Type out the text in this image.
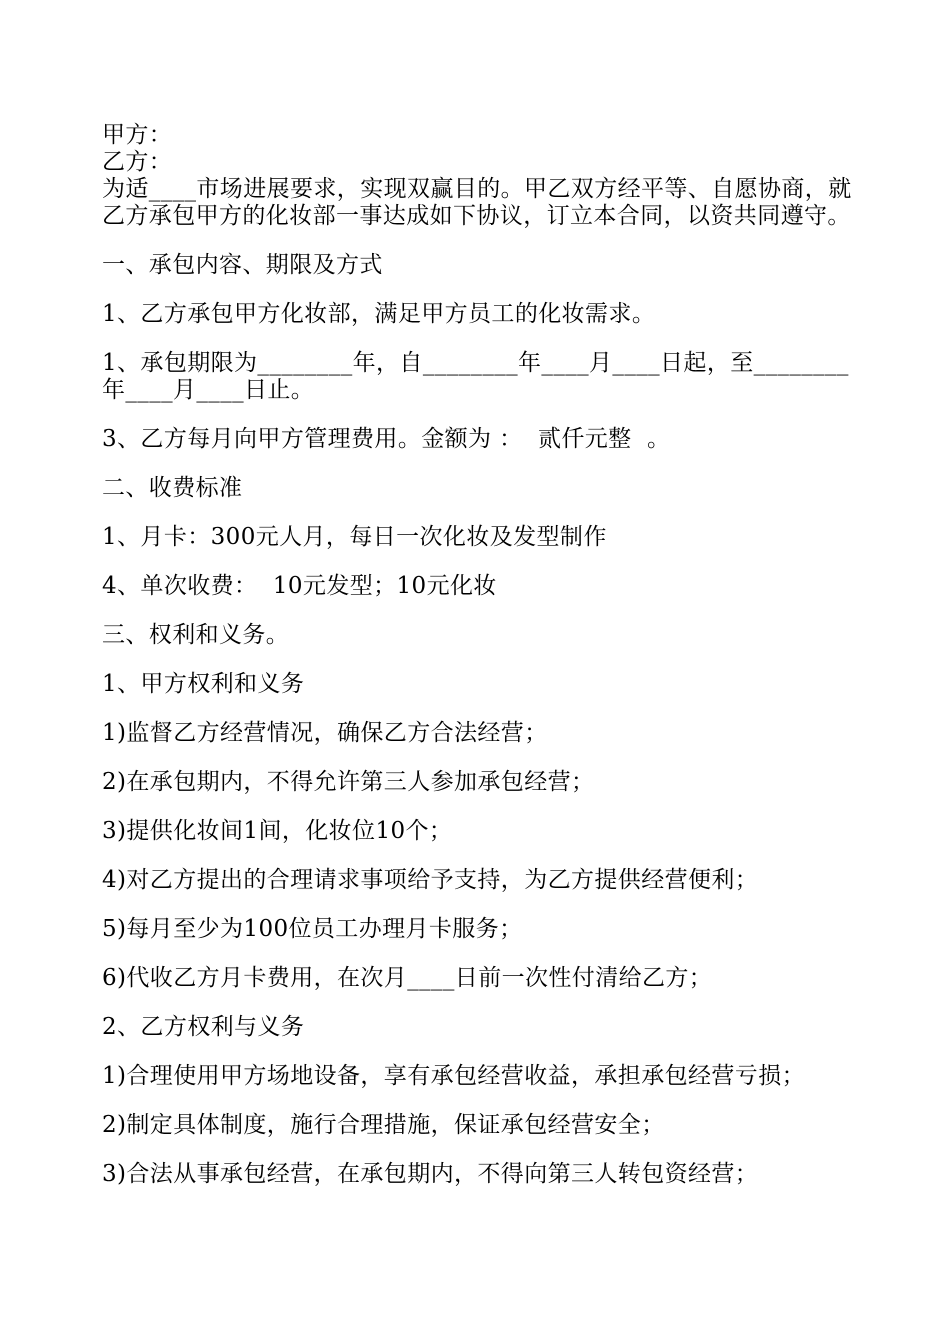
甲方：
乙方：
为适____市场进展要求，实现双赢目的。甲乙双方经平等、自愿协商，就乙方承包甲方的化妆部一事达成如下协议，订立本合同，以资共同遵守。
一、承包内容、期限及方式
1、乙方承包甲方化妆部，满足甲方员工的化妆需求。
1、承包期限为________年，自________年____月____日起，至________年____月____日止。
3、乙方每月向甲方管理费用。金额为 ：  贰仟元整  。
二、收费标准
1、月卡：300元人月，每日一次化妆及发型制作
4、单次收费：  10元发型；10元化妆
三、权利和义务。
1、甲方权利和义务
1)监督乙方经营情况，确保乙方合法经营；
2)在承包期内，不得允许第三人参加承包经营；
3)提供化妆间1间，化妆位10个；
4)对乙方提出的合理请求事项给予支持，为乙方提供经营便利；
5)每月至少为100位员工办理月卡服务；
6)代收乙方月卡费用，在次月____日前一次性付清给乙方；
2、乙方权利与义务
1)合理使用甲方场地设备，享有承包经营收益，承担承包经营亏损；
2)制定具体制度，施行合理措施，保证承包经营安全；
3)合法从事承包经营，在承包期内，不得向第三人转包资经营；
